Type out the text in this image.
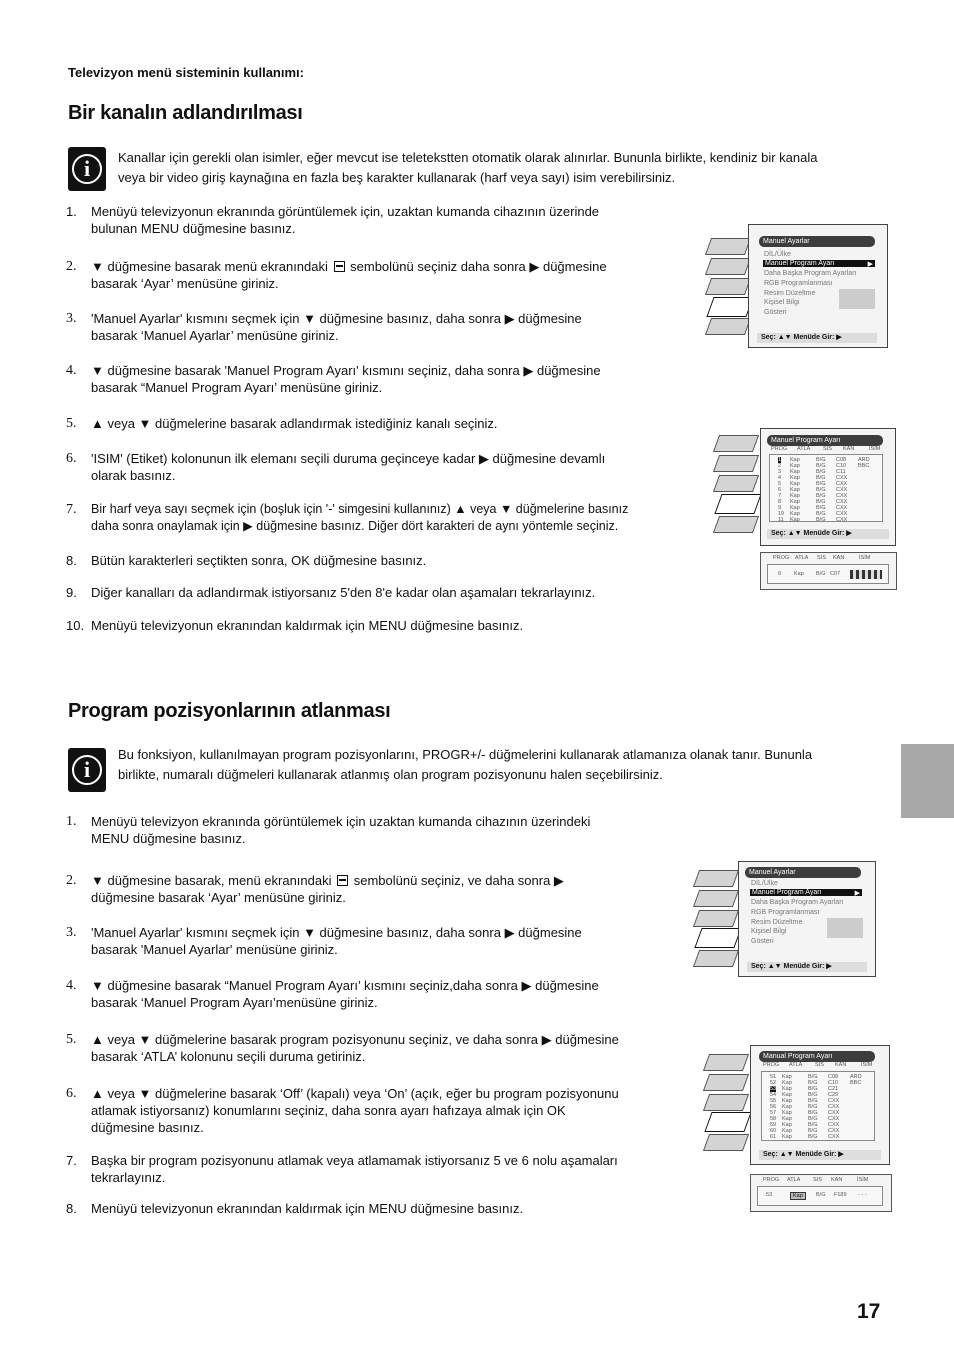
Televizyon menü sisteminin kullanımı:
Bir kanalın adlandırılması
i	Kanallar için gerekli olan isimler, eğer mevcut ise teletekstten otomatik olarak alınırlar. Bununla birlikte, kendiniz bir kanala
veya bir video giriş kaynağına en fazla beş karakter kullanarak (harf veya sayı) isim verebilirsiniz.
1. Menüyü televizyonun ekranında görüntülemek için, uzaktan kumanda cihazının üzerinde
bulunan MENU düğmesine basınız.
2. ▼ düğmesine basarak menü ekranındaki sembolünü seçiniz daha sonra ▶ düğmesine
basarak ‘Ayar’ menüsüne giriniz.
3. 'Manuel Ayarlar' kısmını seçmek için ▼ düğmesine basınız, daha sonra ▶ düğmesine
basarak ‘Manuel Ayarlar’ menüsüne giriniz.
4. ▼ düğmesine basarak 'Manuel Program Ayarı' kısmını seçiniz, daha sonra ▶ düğmesine
basarak “Manuel Program Ayarı’ menüsüne giriniz.
5. ▲ veya ▼ düğmelerine basarak adlandırmak istediğiniz kanalı seçiniz.
6. 'ISIM' (Etiket) kolonunun ilk elemanı seçili duruma geçinceye kadar ▶ düğmesine devamlı
olarak basınız.
7. Bir harf veya sayı seçmek için (boşluk için '-' simgesini kullanınız) ▲ veya ▼ düğmelerine basınız
daha sonra onaylamak için ▶ düğmesine basınız. Diğer dört karakteri de aynı yöntemle seçiniz.
8. Bütün karakterleri seçtikten sonra, OK düğmesine basınız.
9. Diğer kanalları da adlandırmak istiyorsanız 5'den 8'e kadar olan aşamaları tekrarlayınız.
10. Menüyü televizyonun ekranından kaldırmak için MENU düğmesine basınız.
Manuel Ayarlar
DİL/Ülke
Manuel Program Ayarı	▶
Daha Başka Program Ayarları
RGB Programlanması
Resim Düzeltme
Kişisel Bilgi
Gösteri
Seç: ▲▼ Menüde Gir: ▶
Manuel Program Ayarı
PROG ATLA SIS KAN	İSİM
1 Kap	B/G C08 ARD
2 Kap	B/G C10 BBC
3 Kap	B/G C11
4 Kap	B/G CXX
5 Kap	B/G CXX
6 Kap	B/G CXX
7 Kap	B/G CXX
8 Kap	B/G CXX
9 Kap	B/G CXX
10 Kap	B/G CXX
11 Kap	B/G CXX
Seç: ▲▼ Menüde Gir: ▶
PROG ATLA SIS KAN	İSİM
6 Kap B/G C07
Program pozisyonlarının atlanması
i
Bu fonksiyon, kullanılmayan program pozisyonlarını, PROGR+/- düğmelerini kullanarak atlamanıza olanak tanır. Bununla
birlikte, numaralı düğmeleri kullanarak atlanmış olan program pozisyonunu halen seçebilirsiniz.
1. Menüyü televizyon ekranında görüntülemek için uzaktan kumanda cihazının üzerindeki
MENU düğmesine basınız.
2. ▼ düğmesine basarak, menü ekranındaki sembolünü seçiniz, ve daha sonra ▶
düğmesine basarak ‘Ayar’ menüsüne giriniz.
3. 'Manuel Ayarlar' kısmını seçmek için ▼ düğmesine basınız, daha sonra ▶ düğmesine
basarak 'Manuel Ayarlar' menüsüne giriniz.
4. ▼ düğmesine basarak “Manuel Program Ayarı’ kısmını seçiniz,daha sonra ▶ düğmesine
basarak ‘Manuel Program Ayarı’menüsüne giriniz.
5. ▲ veya ▼ düğmelerine basarak program pozisyonunu seçiniz, ve daha sonra ▶ düğmesine
basarak ‘ATLA’ kolonunu seçili duruma getiriniz.
6. ▲ veya ▼ düğmelerine basarak ‘Off’ (kapalı) veya ‘On’ (açık, eğer bu program pozisyonunu
atlamak istiyorsanız) konumlarını seçiniz, daha sonra ayarı hafızaya almak için OK
düğmesine basınız.
7. Başka bir program pozisyonunu atlamak veya atlamamak istiyorsanız 5 ve 6 nolu aşamaları
tekrarlayınız.
8. Menüyü televizyonun ekranından kaldırmak için MENU düğmesine basınız.
Manuel Ayarlar
DİL/Ülke
Manuel Program Ayarı	▶
Daha Başka Program Ayarları
RGB Programlanması
Resim Düzeltme
Kişisel Bilgi
Gösteri
Seç: ▲▼ Menüde Gir: ▶
Manual Program Ayarı
PROG ATLA SIS KAN	İSİM
51 Kap	B/G C08 ARD
52 Kap	B/G C10 BBC
53 Kap	B/G C21
54 Kap	B/G C29
55 Kap	B/G CXX
56 Kap	B/G CXX
57 Kap	B/G CXX
58 Kap	B/G CXX
59 Kap	B/G CXX
60 Kap	B/G CXX
61 Kap	B/G CXX
Seç: ▲▼ Menüde Gir: ▶
PROG ATLA SIS KAN	İSİM
53	Kap	B/G F189 - - -
17
